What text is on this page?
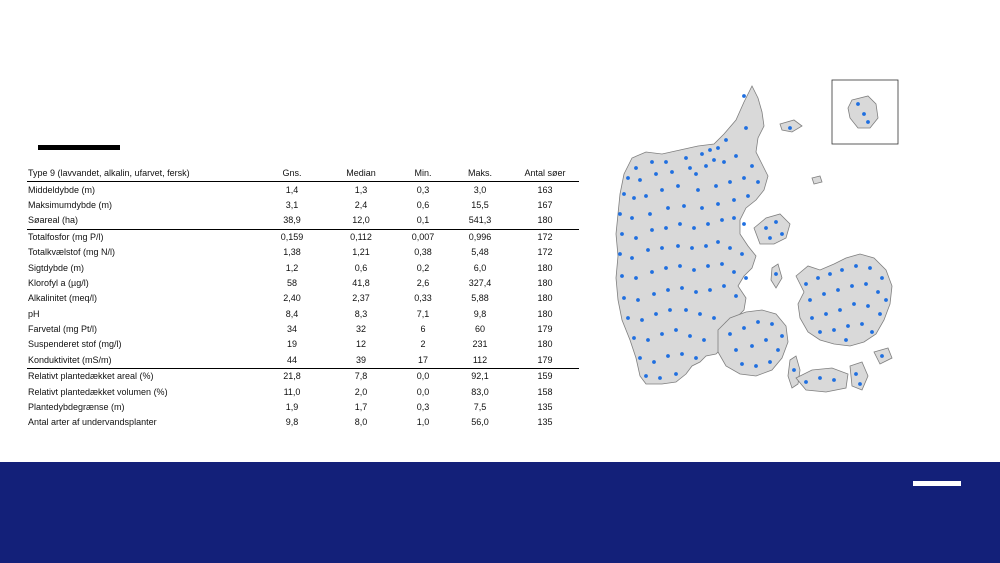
Type 9 (lavvandet, alkalin, ufarvet, fersk)	Gns.	Median	Min.	Maks.	Antal søer
Middeldybde (m)	1,4	1,3	0,3	3,0	163
Maksimumdybde (m)	3,1	2,4	0,6	15,5	167
Søareal (ha)	38,9	12,0	0,1	541,3	180
Totalfosfor (mg P/l)	0,159	0,112	0,007	0,996	172
Totalkvælstof (mg N/l)	1,38	1,21	0,38	5,48	172
Sigtdybde (m)	1,2	0,6	0,2	6,0	180
Klorofyl a (µg/l)	58	41,8	2,6	327,4	180
Alkalinitet (meq/l)	2,40	2,37	0,33	5,88	180
pH	8,4	8,3	7,1	9,8	180
Farvetal (mg Pt/l)	34	32	6	60	179
Suspenderet stof (mg/l)	19	12	2	231	180
Konduktivitet (mS/m)	44	39	17	112	179
Relativt plantedækket areal (%)	21,8	7,8	0,0	92,1	159
Relativt plantedækket volumen (%)	11,0	2,0	0,0	83,0	158
Plantedybdegrænse (m)	1,9	1,7	0,3	7,5	135
Antal arter af undervandsplanter	9,8	8,0	1,0	56,0	135
